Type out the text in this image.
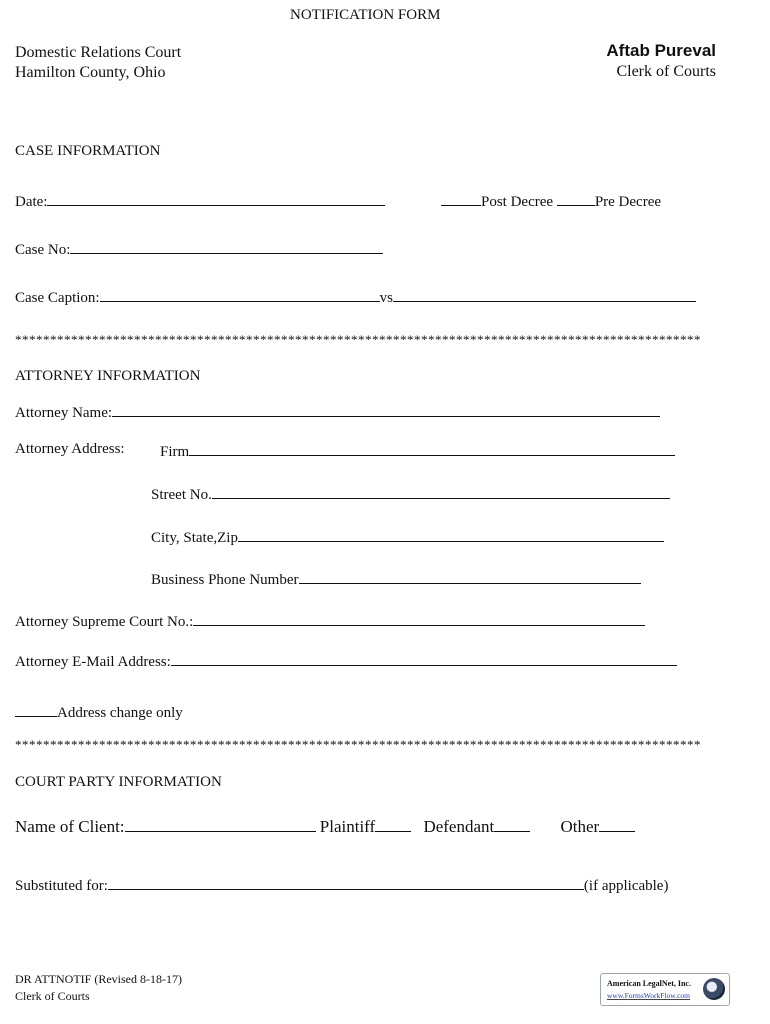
NOTIFICATION FORM
Domestic Relations Court
Hamilton County, Ohio
Aftab Pureval
Clerk of Courts
CASE INFORMATION
Date:	Post Decree	Pre Decree
Case No:
Case Caption:	vs
**************************************************************************************************
ATTORNEY INFORMATION
Attorney Name:
Attorney Address: Firm
Street No.
City, State,Zip
Business Phone Number
Attorney Supreme Court No.:
Attorney E-Mail Address:
Address change only
**************************************************************************************************
COURT PARTY INFORMATION
Name of Client:	Plaintiff	Defendant	Other
Substituted for:	(if applicable)
DR ATTNOTIF (Revised 8-18-17)
Clerk of Courts
American LegalNet, Inc.
www.FormsWorkFlow.com
